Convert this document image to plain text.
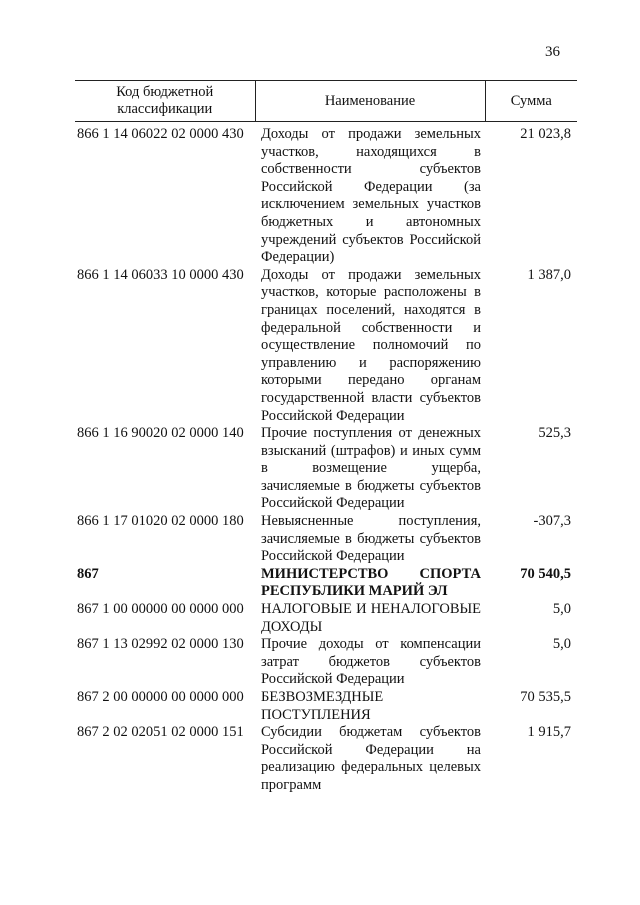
36
Код бюджетной классификации	Наименование	Сумма
866 1 14 06022 02 0000 430	Доходы от продажи земельных участков, находящихся в собственности субъектов Российской Федерации (за исключением земельных участков бюджетных и автономных учреждений субъектов Российской Федерации)	21 023,8
866 1 14 06033 10 0000 430	Доходы от продажи земельных участков, которые расположены в границах поселений, находятся в федеральной собственности и осуществление полномочий по управлению и распоряжению которыми передано органам государственной власти субъектов Российской Федерации	1 387,0
866 1 16 90020 02 0000 140	Прочие поступления от денежных взысканий (штрафов) и иных сумм в возмещение ущерба, зачисляемые в бюджеты субъектов Российской Федерации	525,3
866 1 17 01020 02 0000 180	Невыясненные поступления, зачисляемые в бюджеты субъектов Российской Федерации	-307,3
867	МИНИСТЕРСТВО СПОРТА РЕСПУБЛИКИ МАРИЙ ЭЛ	70 540,5
867 1 00 00000 00 0000 000	НАЛОГОВЫЕ И НЕНАЛОГОВЫЕ ДОХОДЫ	5,0
867 1 13 02992 02 0000 130	Прочие доходы от компенсации затрат бюджетов субъектов Российской Федерации	5,0
867 2 00 00000 00 0000 000	БЕЗВОЗМЕЗДНЫЕ ПОСТУПЛЕНИЯ	70 535,5
867 2 02 02051 02 0000 151	Субсидии бюджетам субъектов Российской Федерации на реализацию федеральных целевых программ	1 915,7
